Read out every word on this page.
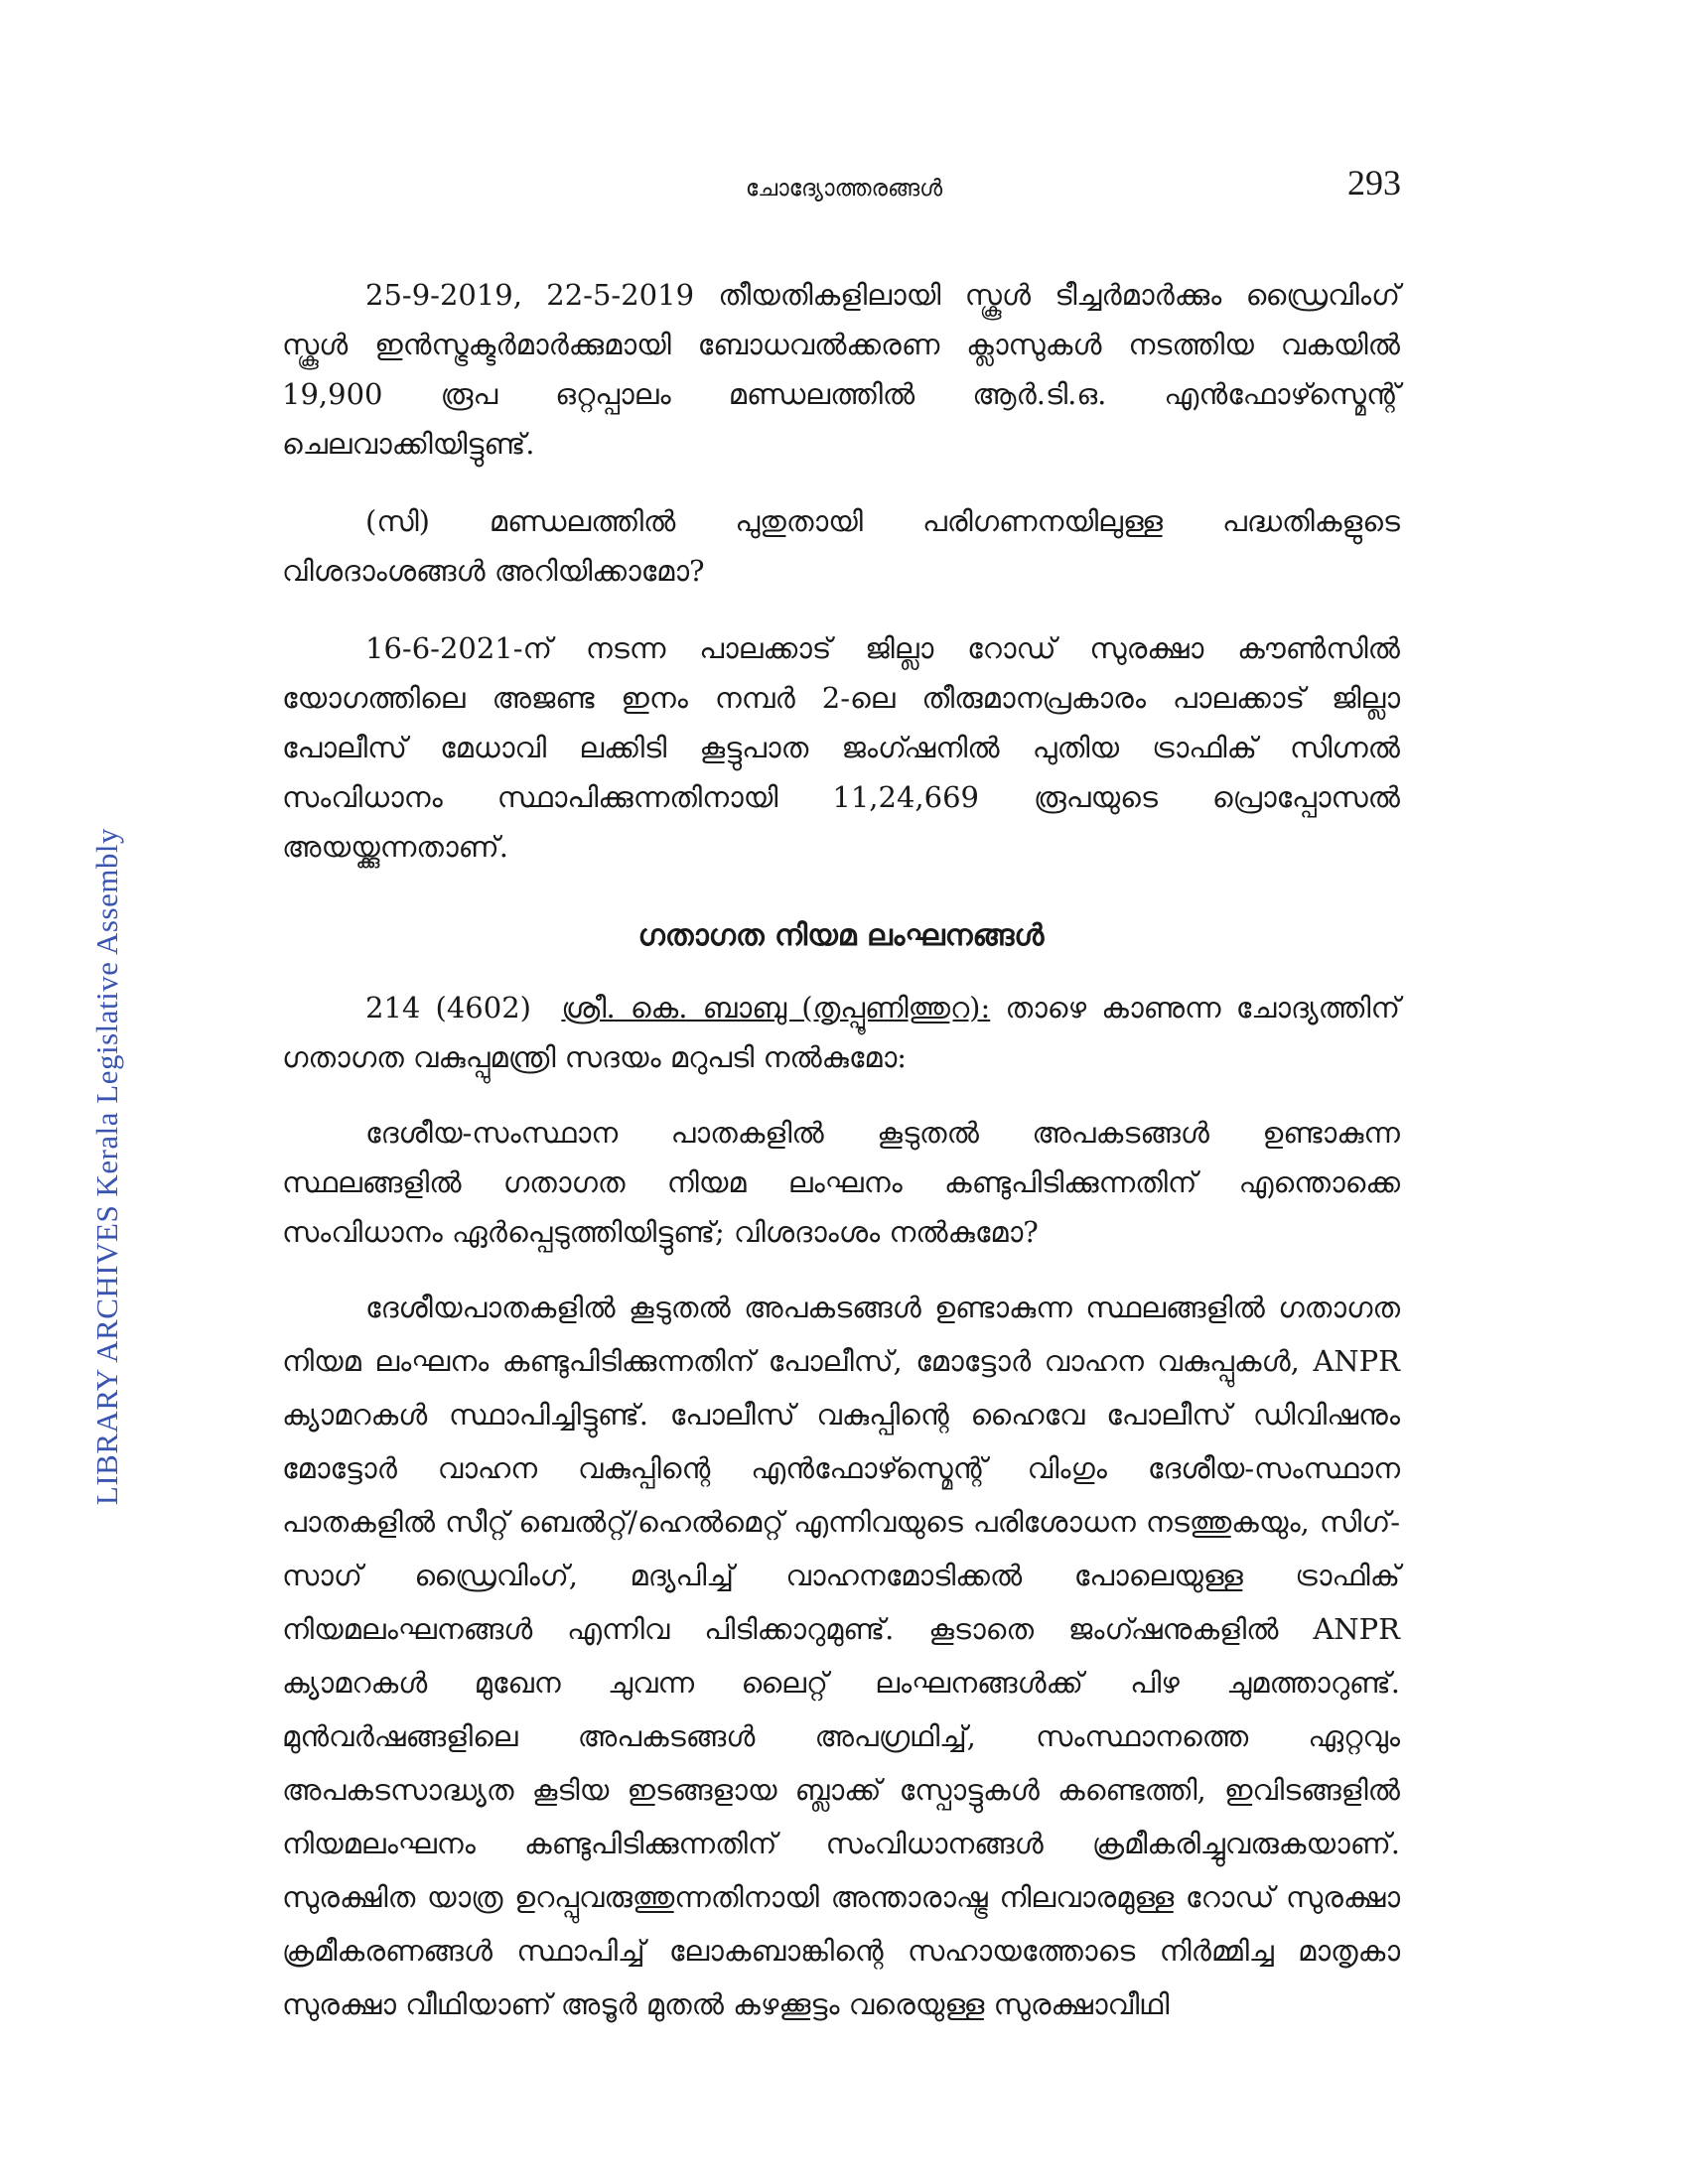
LIBRARY ARCHIVES Kerala Legislative Assembly
ചോദ്യോത്തരങ്ങൾ	293

25-9-2019, 22-5-2019 തീയതികളിലായി സ്കൂൾ ടീച്ചർമാർക്കും ഡ്രൈവിംഗ് സ്കൂൾ ഇൻസ്ട്രക്ടർമാർക്കുമായി ബോധവൽക്കരണ ക്ലാസുകൾ നടത്തിയ വകയിൽ 19,900 രൂപ ഒറ്റപ്പാലം മണ്ഡലത്തിൽ ആർ.ടി.ഒ. എൻഫോഴ്സ്മെന്റ് ചെലവാക്കിയിട്ടുണ്ട്.

(സി) മണ്ഡലത്തിൽ പുതുതായി പരിഗണനയിലുള്ള പദ്ധതികളുടെ വിശദാംശങ്ങൾ അറിയിക്കാമോ?

16-6-2021-ന് നടന്ന പാലക്കാട് ജില്ലാ റോഡ് സുരക്ഷാ കൗൺസിൽ യോഗത്തിലെ അജണ്ട ഇനം നമ്പർ 2-ലെ തീരുമാനപ്രകാരം പാലക്കാട് ജില്ലാ പോലീസ് മേധാവി ലക്കിടി കൂട്ടുപാത ജംഗ്ഷനിൽ പുതിയ ട്രാഫിക് സിഗ്നൽ സംവിധാനം സ്ഥാപിക്കുന്നതിനായി 11,24,669 രൂപയുടെ പ്രൊപ്പോസൽ അയയ്ക്കുന്നതാണ്.

ഗതാഗത നിയമ ലംഘനങ്ങൾ

214 (4602) ശ്രീ. കെ. ബാബു (തൃപ്പൂണിത്തുറ): താഴെ കാണുന്ന ചോദ്യത്തിന് ഗതാഗത വകുപ്പുമന്ത്രി സദയം മറുപടി നൽകുമോ:

ദേശീയ-സംസ്ഥാന പാതകളിൽ കൂടുതൽ അപകടങ്ങൾ ഉണ്ടാകുന്ന സ്ഥലങ്ങളിൽ ഗതാഗത നിയമ ലംഘനം കണ്ടുപിടിക്കുന്നതിന് എന്തൊക്കെ സംവിധാനം ഏർപ്പെടുത്തിയിട്ടുണ്ട്; വിശദാംശം നൽകുമോ?

ദേശീയപാതകളിൽ കൂടുതൽ അപകടങ്ങൾ ഉണ്ടാകുന്ന സ്ഥലങ്ങളിൽ ഗതാഗത നിയമ ലംഘനം കണ്ടുപിടിക്കുന്നതിന് പോലീസ്, മോട്ടോർ വാഹന വകുപ്പുകൾ, ANPR ക്യാമറകൾ സ്ഥാപിച്ചിട്ടുണ്ട്. പോലീസ് വകുപ്പിന്റെ ഹൈവേ പോലീസ് ഡിവിഷനും മോട്ടോർ വാഹന വകുപ്പിന്റെ എൻഫോഴ്സ്മെന്റ് വിംഗും ദേശീയ-സംസ്ഥാന പാതകളിൽ സീറ്റ് ബെൽറ്റ്/ഹെൽമെറ്റ് എന്നിവയുടെ പരിശോധന നടത്തുകയും, സിഗ്-സാഗ് ഡ്രൈവിംഗ്, മദ്യപിച്ച് വാഹനമോടിക്കൽ പോലെയുള്ള ട്രാഫിക് നിയമലംഘനങ്ങൾ എന്നിവ പിടിക്കാറുമുണ്ട്. കൂടാതെ ജംഗ്ഷനുകളിൽ ANPR ക്യാമറകൾ മുഖേന ചുവന്ന ലൈറ്റ് ലംഘനങ്ങൾക്ക് പിഴ ചുമത്താറുണ്ട്. മുൻവർഷങ്ങളിലെ അപകടങ്ങൾ അപഗ്രഥിച്ച്, സംസ്ഥാനത്തെ ഏറ്റവും അപകടസാദ്ധ്യത കൂടിയ ഇടങ്ങളായ ബ്ലാക്ക് സ്പോട്ടുകൾ കണ്ടെത്തി, ഇവിടങ്ങളിൽ നിയമലംഘനം കണ്ടുപിടിക്കുന്നതിന് സംവിധാനങ്ങൾ ക്രമീകരിച്ചുവരുകയാണ്. സുരക്ഷിത യാത്ര ഉറപ്പുവരുത്തുന്നതിനായി അന്താരാഷ്ട്ര നിലവാരമുള്ള റോഡ് സുരക്ഷാ ക്രമീകരണങ്ങൾ സ്ഥാപിച്ച് ലോകബാങ്കിന്റെ സഹായത്തോടെ നിർമ്മിച്ച മാതൃകാ സുരക്ഷാ വീഥിയാണ് അടൂർ മുതൽ കഴക്കൂട്ടം വരെയുള്ള സുരക്ഷാവീഥി
